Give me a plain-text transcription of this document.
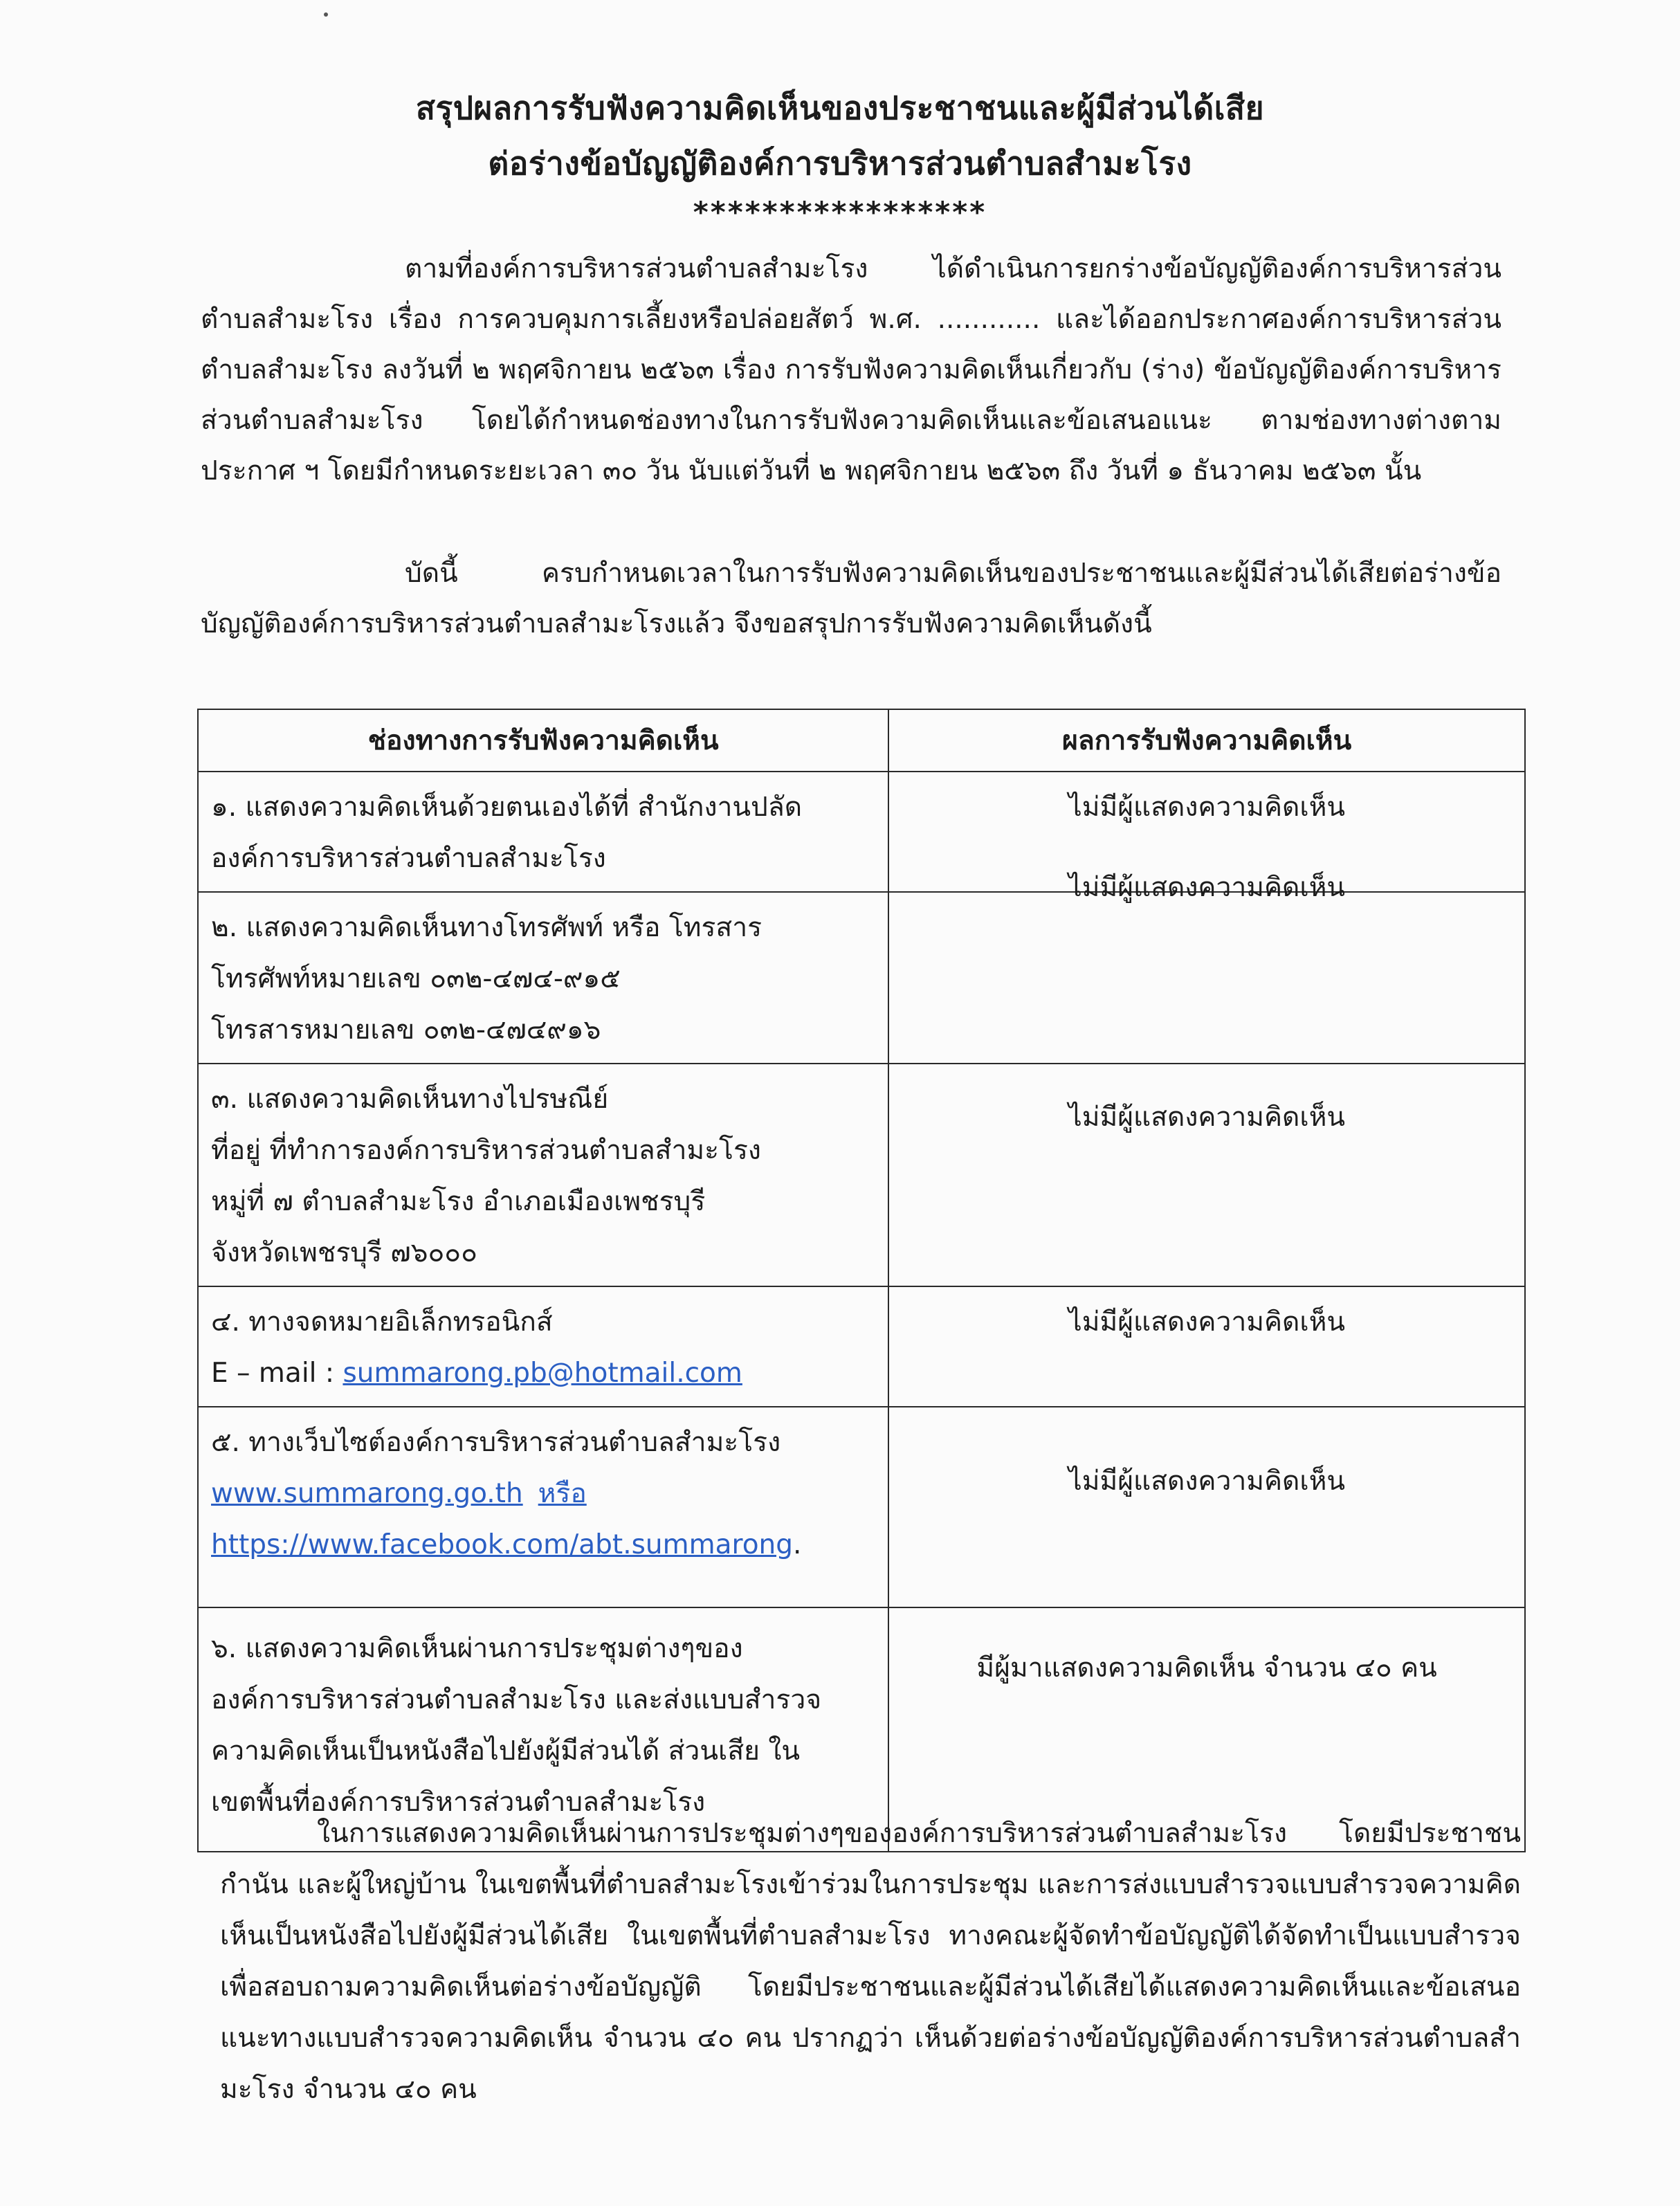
สรุปผลการรับฟังความคิดเห็นของประชาชนและผู้มีส่วนได้เสีย
ต่อร่างข้อบัญญัติองค์การบริหารส่วนตำบลสำมะโรง
*****************

ตามที่องค์การบริหารส่วนตำบลสำมะโรง ได้ดำเนินการยกร่างข้อบัญญัติองค์การบริหารส่วนตำบลสำมะโรง เรื่อง การควบคุมการเลี้ยงหรือปล่อยสัตว์ พ.ศ. ............ และได้ออกประกาศองค์การบริหารส่วนตำบลสำมะโรง ลงวันที่ ๒ พฤศจิกายน ๒๕๖๓ เรื่อง การรับฟังความคิดเห็นเกี่ยวกับ (ร่าง) ข้อบัญญัติองค์การบริหารส่วนตำบลสำมะโรง โดยได้กำหนดช่องทางในการรับฟังความคิดเห็นและข้อเสนอแนะ ตามช่องทางต่างตามประกาศ ฯ โดยมีกำหนดระยะเวลา ๓๐ วัน นับแต่วันที่ ๒ พฤศจิกายน ๒๕๖๓ ถึง วันที่ ๑ ธันวาคม ๒๕๖๓ นั้น

บัดนี้ ครบกำหนดเวลาในการรับฟังความคิดเห็นของประชาชนและผู้มีส่วนได้เสียต่อร่างข้อบัญญัติองค์การบริหารส่วนตำบลสำมะโรงแล้ว จึงขอสรุปการรับฟังความคิดเห็นดังนี้

ช่องทางการรับฟังความคิดเห็น	ผลการรับฟังความคิดเห็น

๑. แสดงความคิดเห็นด้วยตนเองได้ที่ สำนักงานปลัด
องค์การบริหารส่วนตำบลสำมะโรง	ไม่มีผู้แสดงความคิดเห็น

๒. แสดงความคิดเห็นทางโทรศัพท์ หรือ โทรสาร
โทรศัพท์หมายเลข ๐๓๒-๔๗๔-๙๑๕
โทรสารหมายเลข ๐๓๒-๔๗๔๙๑๖	ไม่มีผู้แสดงความคิดเห็น

๓. แสดงความคิดเห็นทางไปรษณีย์
ที่อยู่ ที่ทำการองค์การบริหารส่วนตำบลสำมะโรง
หมู่ที่ ๗ ตำบลสำมะโรง อำเภอเมืองเพชรบุรี
จังหวัดเพชรบุรี ๗๖๐๐๐	ไม่มีผู้แสดงความคิดเห็น

๔. ทางจดหมายอิเล็กทรอนิกส์
E – mail : summarong.pb@hotmail.com	ไม่มีผู้แสดงความคิดเห็น

๕. ทางเว็บไซต์องค์การบริหารส่วนตำบลสำมะโรง
www.summarong.go.th หรือ
https://www.facebook.com/abt.summarong.	ไม่มีผู้แสดงความคิดเห็น

๖. แสดงความคิดเห็นผ่านการประชุมต่างๆของ
องค์การบริหารส่วนตำบลสำมะโรง และส่งแบบสำรวจ
ความคิดเห็นเป็นหนังสือไปยังผู้มีส่วนได้ ส่วนเสีย ใน
เขตพื้นที่องค์การบริหารส่วนตำบลสำมะโรง	มีผู้มาแสดงความคิดเห็น จำนวน ๔๐ คน

ในการแสดงความคิดเห็นผ่านการประชุมต่างๆขององค์การบริหารส่วนตำบลสำมะโรง โดยมีประชาชน กำนัน และผู้ใหญ่บ้าน ในเขตพื้นที่ตำบลสำมะโรงเข้าร่วมในการประชุม และการส่งแบบสำรวจแบบสำรวจความคิดเห็นเป็นหนังสือไปยังผู้มีส่วนได้เสีย ในเขตพื้นที่ตำบลสำมะโรง ทางคณะผู้จัดทำข้อบัญญัติได้จัดทำเป็นแบบสำรวจ เพื่อสอบถามความคิดเห็นต่อร่างข้อบัญญัติ โดยมีประชาชนและผู้มีส่วนได้เสียได้แสดงความคิดเห็นและข้อเสนอแนะทางแบบสำรวจความคิดเห็น จำนวน ๔๐ คน ปรากฏว่า เห็นด้วยต่อร่างข้อบัญญัติองค์การบริหารส่วนตำบลสำมะโรง จำนวน ๔๐ คน
